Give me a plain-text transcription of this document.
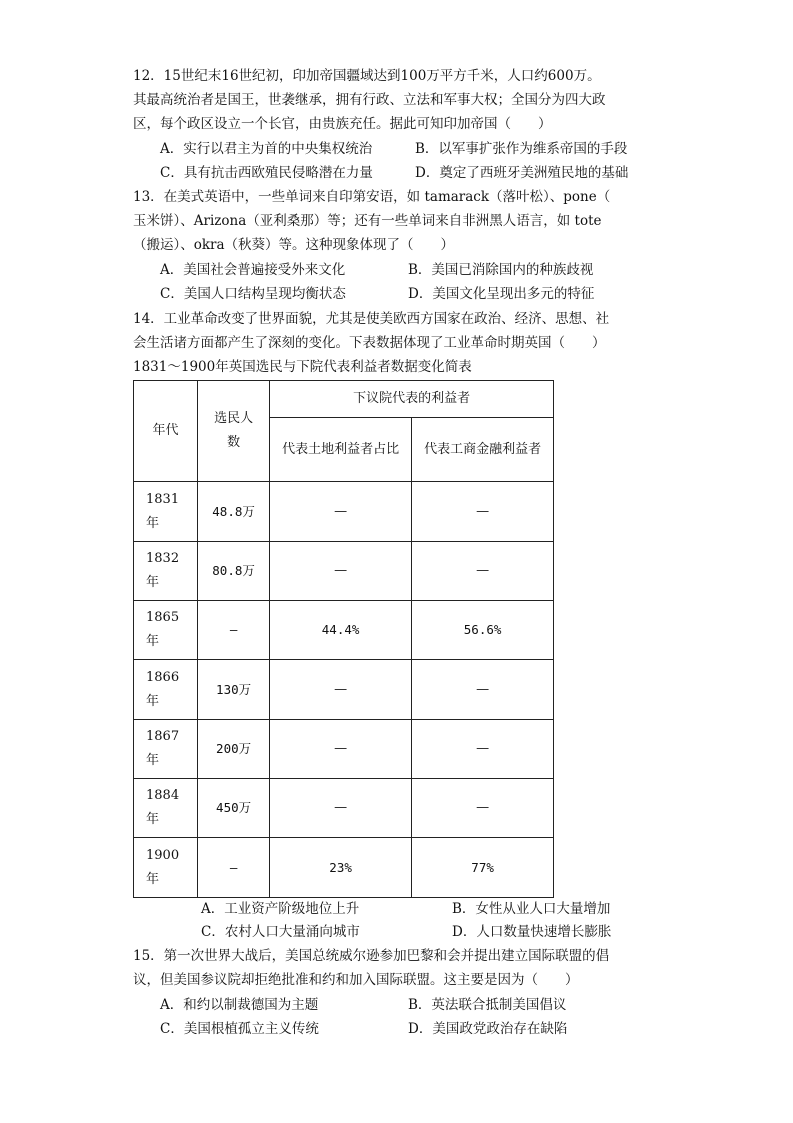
12．15世纪末16世纪初，印加帝国疆域达到100万平方千米，人口约600万。
其最高统治者是国王，世袭继承，拥有行政、立法和军事大权；全国分为四大政
区，每个政区设立一个长官，由贵族充任。据此可知印加帝国（　　）
A．实行以君主为首的中央集权统治	B．以军事扩张作为维系帝国的手段
C．具有抗击西欧殖民侵略潜在力量	D．奠定了西班牙美洲殖民地的基础
13．在美式英语中，一些单词来自印第安语，如 tamarack（落叶松）、pone（
玉米饼）、Arizona（亚利桑那）等；还有一些单词来自非洲黑人语言，如 tote
（搬运）、okra（秋葵）等。这种现象体现了（　　）
A．美国社会普遍接受外来文化	B．美国已消除国内的种族歧视
C．美国人口结构呈现均衡状态	D．美国文化呈现出多元的特征
14．工业革命改变了世界面貌，尤其是使美欧西方国家在政治、经济、思想、社
会生活诸方面都产生了深刻的变化。下表数据体现了工业革命时期英国（　　）
1831～1900年英国选民与下院代表利益者数据变化简表
年代	选民人数	下议院代表的利益者	
		代表土地利益者占比	代表工商金融利益者
1831年	48.8万	—	—
1832年	80.8万	—	—
1865年	—	44.4%	56.6%
1866年	130万	—	—
1867年	200万	—	—
1884年	450万	—	—
1900年	—	23%	77%
A．工业资产阶级地位上升	B．女性从业人口大量增加
C．农村人口大量涌向城市	D．人口数量快速增长膨胀
15．第一次世界大战后，美国总统威尔逊参加巴黎和会并提出建立国际联盟的倡
议，但美国参议院却拒绝批准和约和加入国际联盟。这主要是因为（　　）
A．和约以制裁德国为主题	B．英法联合抵制美国倡议
C．美国根植孤立主义传统	D．美国政党政治存在缺陷
